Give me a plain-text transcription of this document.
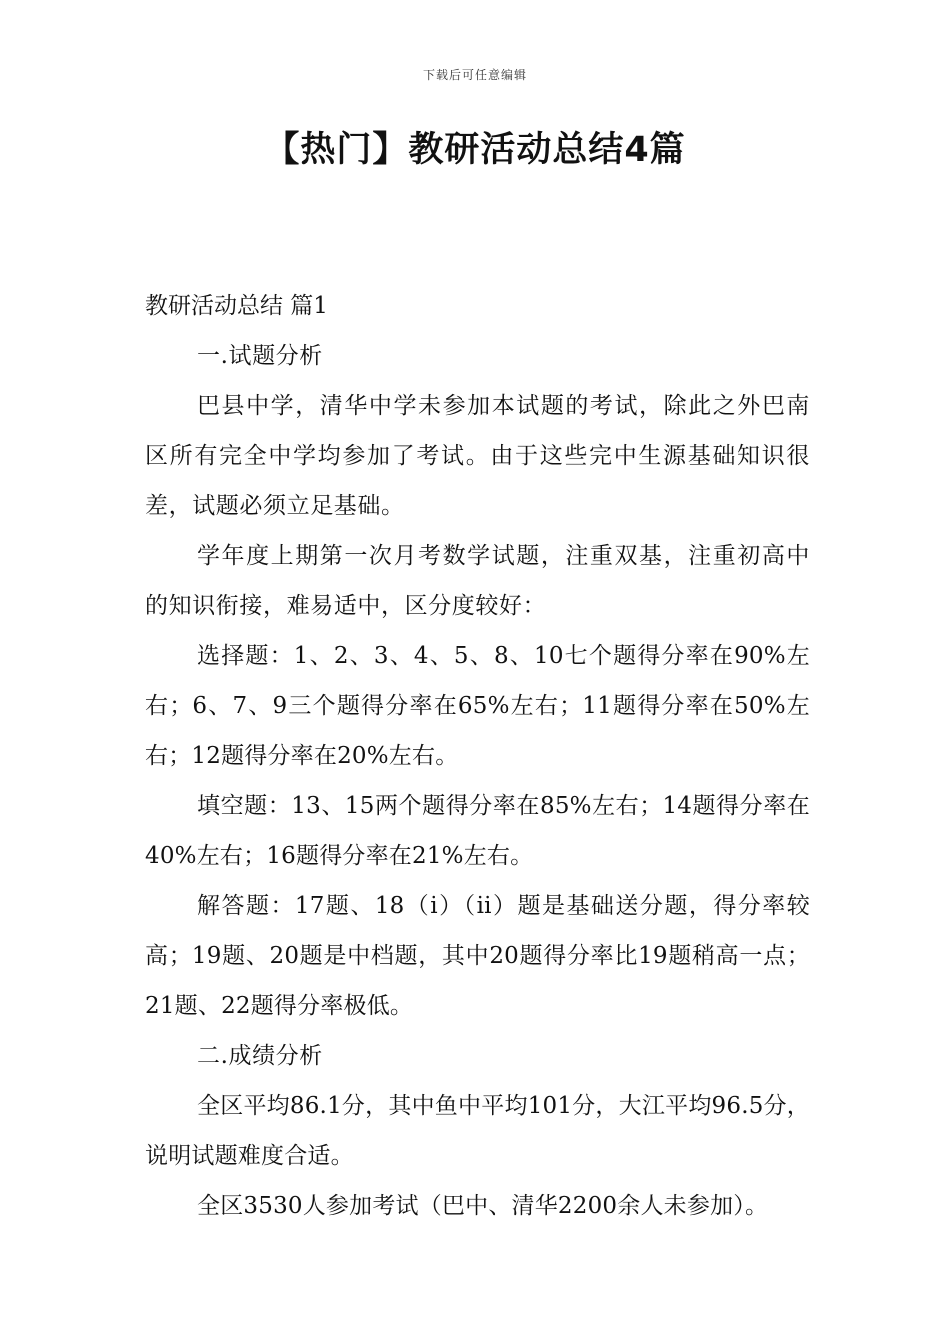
下载后可任意编辑
【热门】教研活动总结4篇
教研活动总结 篇1

一.试题分析

巴县中学，清华中学未参加本试题的考试，除此之外巴南区所有完全中学均参加了考试。由于这些完中生源基础知识很差，试题必须立足基础。

学年度上期第一次月考数学试题，注重双基，注重初高中的知识衔接，难易适中，区分度较好：

选择题：1、2、3、4、5、8、10七个题得分率在90%左右；6、7、9三个题得分率在65%左右；11题得分率在50%左右；12题得分率在20%左右。

填空题：13、15两个题得分率在85%左右；14题得分率在40%左右；16题得分率在21%左右。

解答题：17题、18（i）（ii）题是基础送分题，得分率较高；19题、20题是中档题，其中20题得分率比19题稍高一点；21题、22题得分率极低。

二.成绩分析

全区平均86.1分，其中鱼中平均101分，大江平均96.5分，说明试题难度合适。

全区3530人参加考试（巴中、清华2200余人未参加）。
